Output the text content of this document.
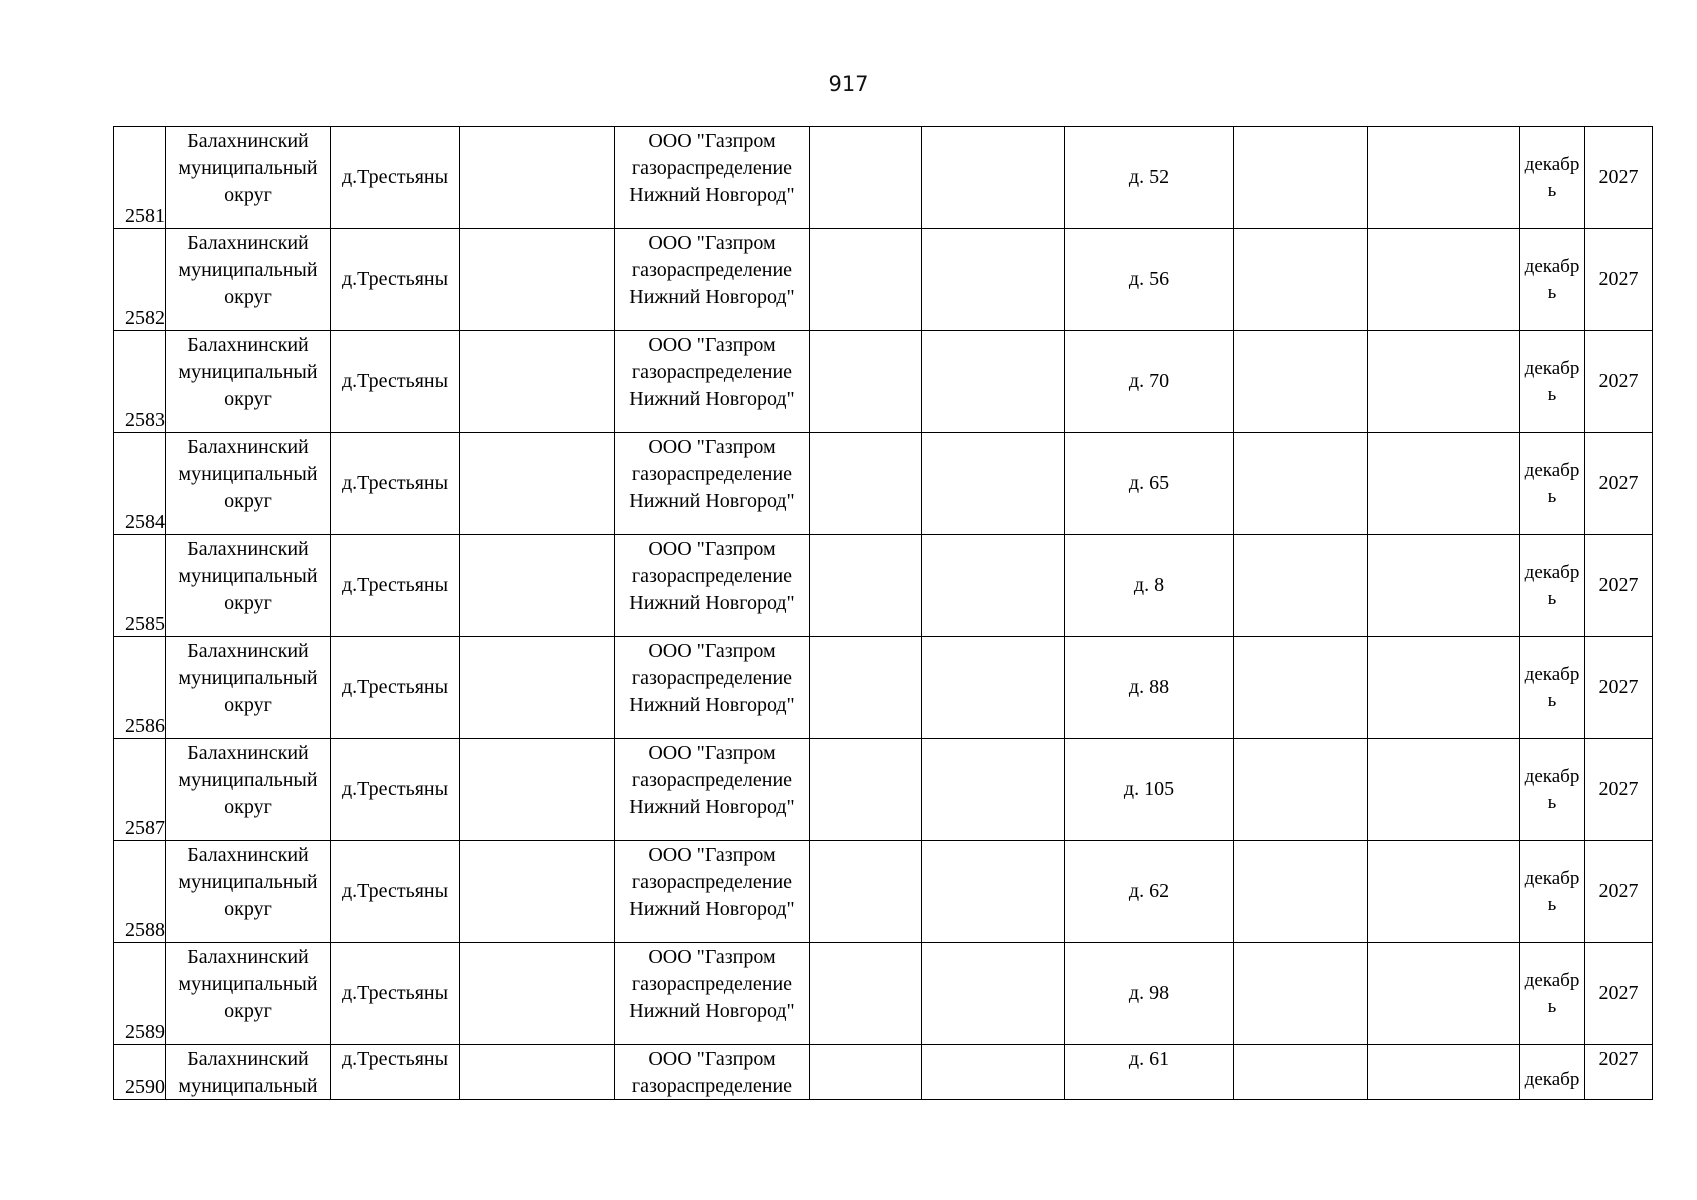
917
2581	Балахнинский муниципальный округ	д.Трестьяны		ООО "Газпром газораспределение Нижний Новгород"			д. 52			декабр ь	2027
2582	Балахнинский муниципальный округ	д.Трестьяны		ООО "Газпром газораспределение Нижний Новгород"			д. 56			декабр ь	2027
2583	Балахнинский муниципальный округ	д.Трестьяны		ООО "Газпром газораспределение Нижний Новгород"			д. 70			декабр ь	2027
2584	Балахнинский муниципальный округ	д.Трестьяны		ООО "Газпром газораспределение Нижний Новгород"			д. 65			декабр ь	2027
2585	Балахнинский муниципальный округ	д.Трестьяны		ООО "Газпром газораспределение Нижний Новгород"			д. 8			декабр ь	2027
2586	Балахнинский муниципальный округ	д.Трестьяны		ООО "Газпром газораспределение Нижний Новгород"			д. 88			декабр ь	2027
2587	Балахнинский муниципальный округ	д.Трестьяны		ООО "Газпром газораспределение Нижний Новгород"			д. 105			декабр ь	2027
2588	Балахнинский муниципальный округ	д.Трестьяны		ООО "Газпром газораспределение Нижний Новгород"			д. 62			декабр ь	2027
2589	Балахнинский муниципальный округ	д.Трестьяны		ООО "Газпром газораспределение Нижний Новгород"			д. 98			декабр ь	2027
2590	Балахнинский муниципальный	д.Трестьяны		ООО "Газпром газораспределение			д. 61			декабр	2027
